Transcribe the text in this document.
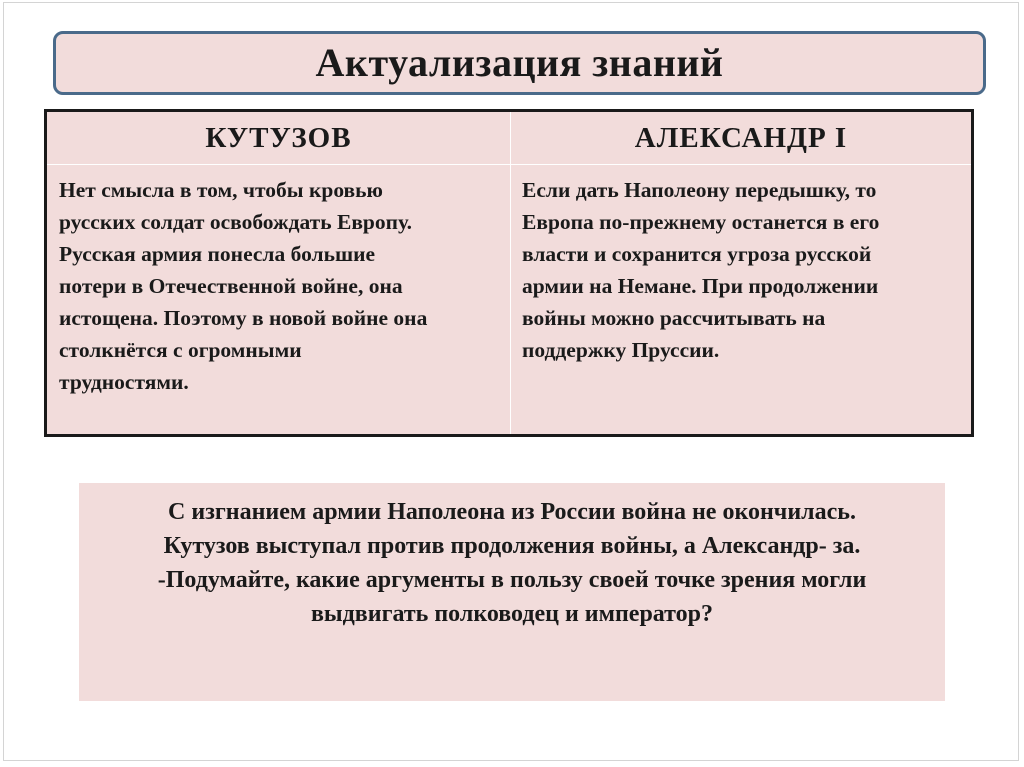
Актуализация знаний
КУТУЗОВ	АЛЕКСАНДР I
Нет смысла в том, чтобы кровью
русских солдат освобождать Европу.
Русская армия понесла большие
потери в Отечественной войне, она
истощена. Поэтому в новой войне она
столкнётся с огромными
трудностями.
Если дать Наполеону передышку, то
Европа по-прежнему останется в его
власти и сохранится угроза русской
армии на Немане. При продолжении
войны можно рассчитывать на
поддержку Пруссии.
С изгнанием армии Наполеона из России война не окончилась.
Кутузов выступал против продолжения войны, а Александр- за.
-Подумайте, какие аргументы в пользу своей точке зрения могли
выдвигать полководец и император?
